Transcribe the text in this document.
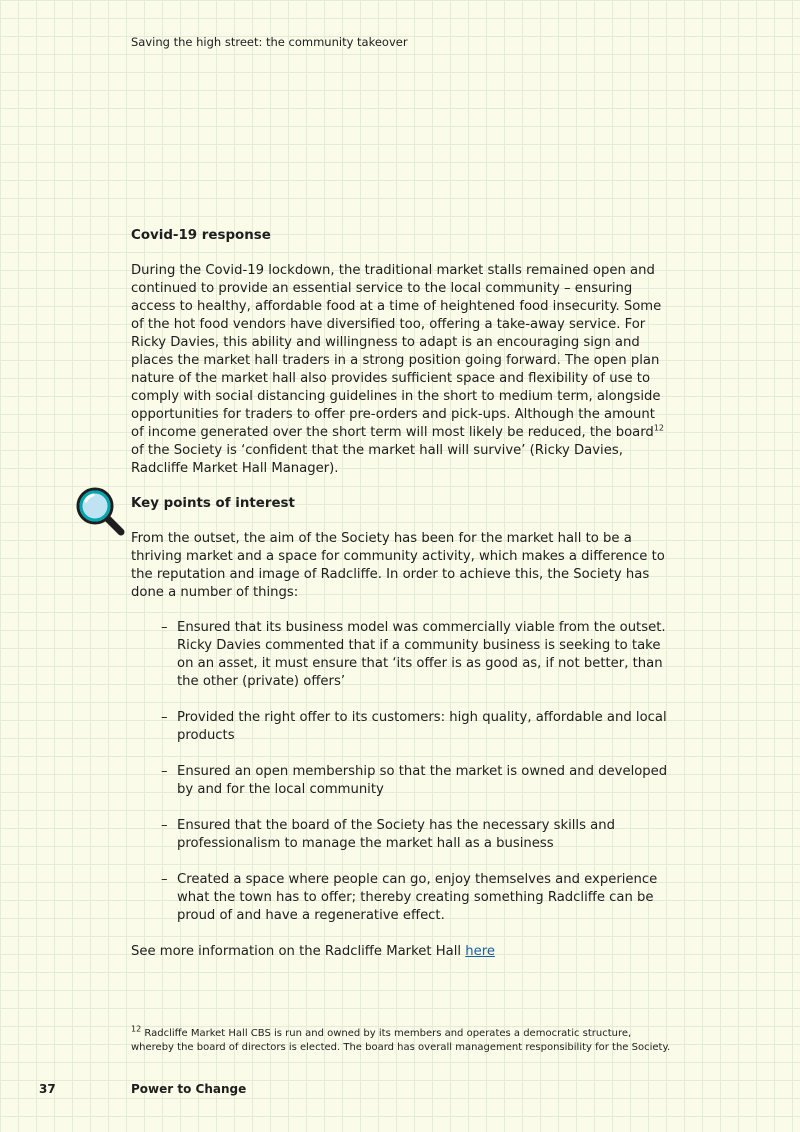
Saving the high street: the community takeover
Covid-19 response

During the Covid-19 lockdown, the traditional market stalls remained open and continued to provide an essential service to the local community – ensuring access to healthy, affordable food at a time of heightened food insecurity. Some of the hot food vendors have diversified too, offering a take-away service. For Ricky Davies, this ability and willingness to adapt is an encouraging sign and places the market hall traders in a strong position going forward. The open plan nature of the market hall also provides sufficient space and flexibility of use to comply with social distancing guidelines in the short to medium term, alongside opportunities for traders to offer pre-orders and pick-ups. Although the amount of income generated over the short term will most likely be reduced, the board$^{12}$ of the Society is ‘confident that the market hall will survive’ (Ricky Davies, Radcliffe Market Hall Manager).

Key points of interest

From the outset, the aim of the Society has been for the market hall to be a thriving market and a space for community activity, which makes a difference to the reputation and image of Radcliffe. In order to achieve this, the Society has done a number of things:

– Ensured that its business model was commercially viable from the outset. Ricky Davies commented that if a community business is seeking to take on an asset, it must ensure that ‘its offer is as good as, if not better, than the other (private) offers’
– Provided the right offer to its customers: high quality, affordable and local products
– Ensured an open membership so that the market is owned and developed by and for the local community
– Ensured that the board of the Society has the necessary skills and professionalism to manage the market hall as a business
– Created a space where people can go, enjoy themselves and experience what the town has to offer; thereby creating something Radcliffe can be proud of and have a regenerative effect.

See more information on the Radcliffe Market Hall here

$^{12}$ Radcliffe Market Hall CBS is run and owned by its members and operates a democratic structure, whereby the board of directors is elected. The board has overall management responsibility for the Society.
37	Power to Change
